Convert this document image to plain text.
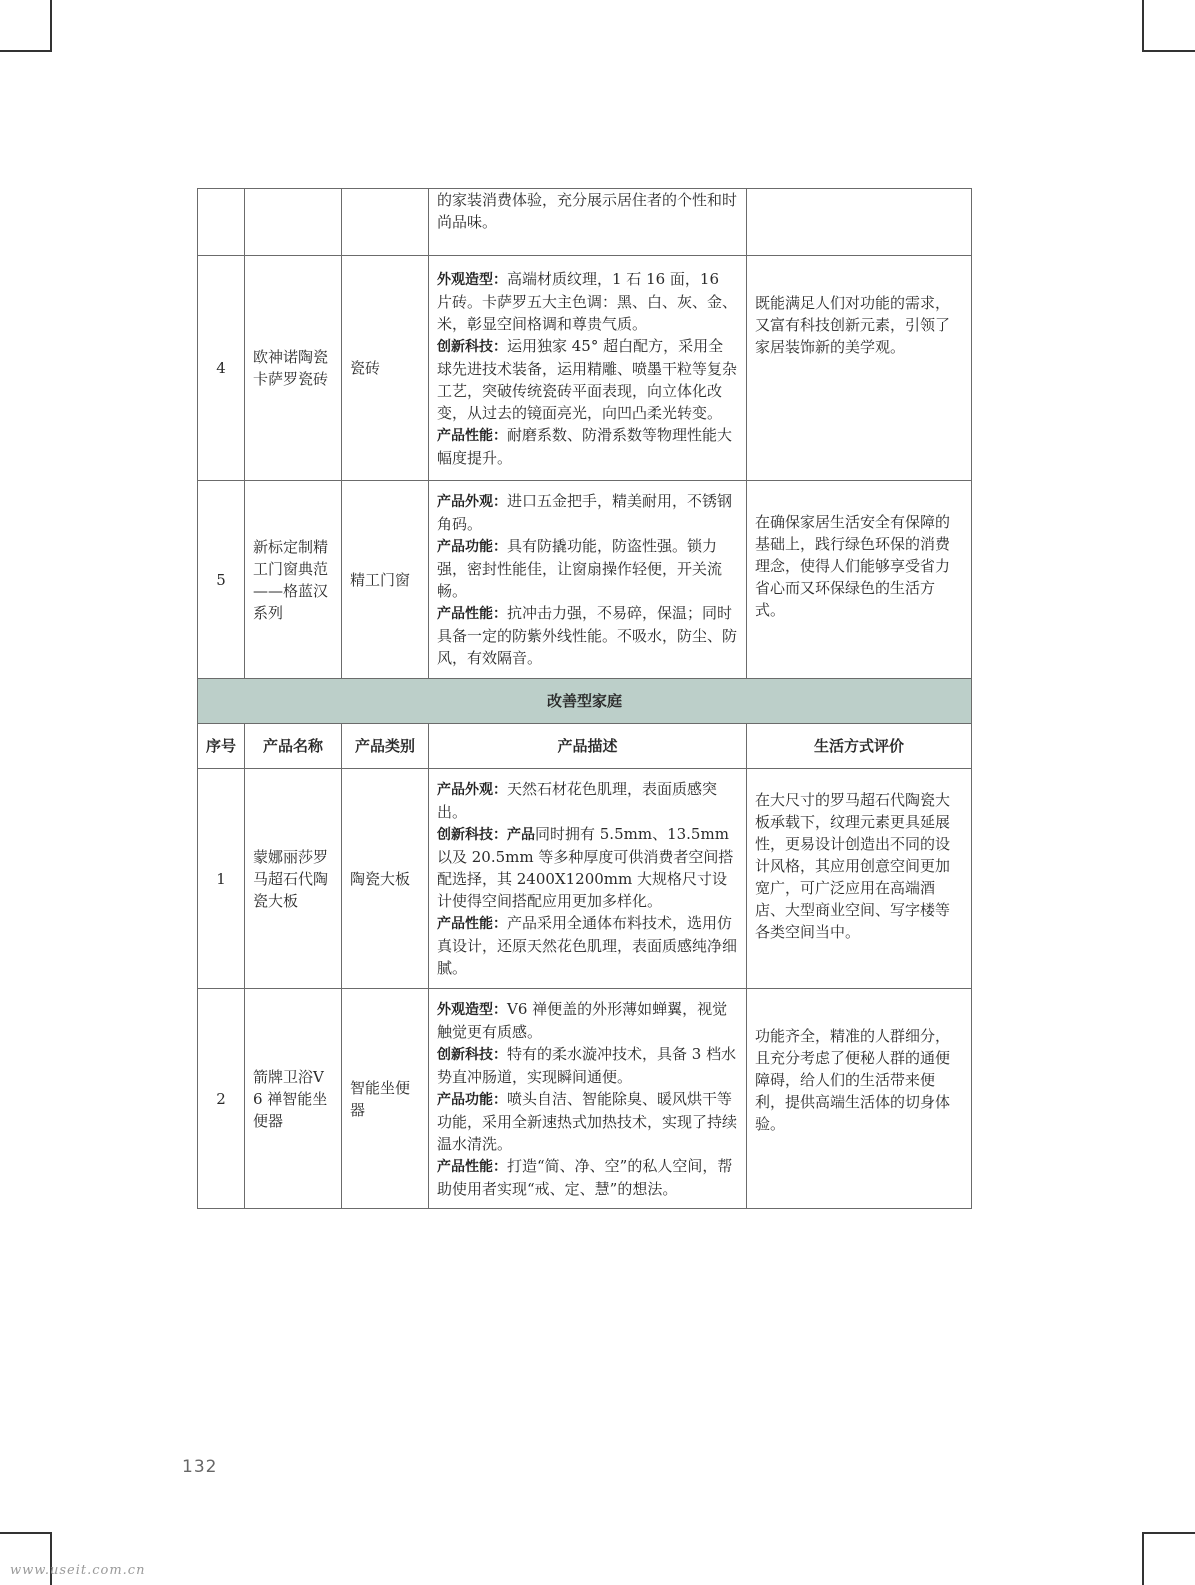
			的家装消费体验，充分展示居住者的个性和时尚品味。	
4	欧神诺陶瓷卡萨罗瓷砖	瓷砖	外观造型：高端材质纹理，1 石 16 面，16 片砖。卡萨罗五大主色调：黑、白、灰、金、米，彰显空间格调和尊贵气质。
创新科技：运用独家 45° 超白配方，采用全球先进技术装备，运用精雕、喷墨干粒等复杂工艺，突破传统瓷砖平面表现，向立体化改变，从过去的镜面亮光，向凹凸柔光转变。
产品性能：耐磨系数、防滑系数等物理性能大幅度提升。	既能满足人们对功能的需求，又富有科技创新元素，引领了家居装饰新的美学观。
5	新标定制精工门窗典范——格蓝汉系列	精工门窗	产品外观：进口五金把手，精美耐用，不锈钢角码。
产品功能：具有防撬功能，防盗性强。锁力强，密封性能佳，让窗扇操作轻便，开关流畅。
产品性能：抗冲击力强，不易碎，保温；同时具备一定的防紫外线性能。不吸水，防尘、防风，有效隔音。	在确保家居生活安全有保障的基础上，践行绿色环保的消费理念，使得人们能够享受省力省心而又环保绿色的生活方式。
改善型家庭				
序号	产品名称	产品类别	产品描述	生活方式评价
1	蒙娜丽莎罗马超石代陶瓷大板	陶瓷大板	产品外观：天然石材花色肌理，表面质感突出。
创新科技：产品同时拥有 5.5mm、13.5mm 以及 20.5mm 等多种厚度可供消费者空间搭配选择，其 2400X1200mm 大规格尺寸设计使得空间搭配应用更加多样化。
产品性能：产品采用全通体布料技术，选用仿真设计，还原天然花色肌理，表面质感纯净细腻。	在大尺寸的罗马超石代陶瓷大板承载下，纹理元素更具延展性，更易设计创造出不同的设计风格，其应用创意空间更加宽广，可广泛应用在高端酒店、大型商业空间、写字楼等各类空间当中。
2	箭牌卫浴V6 禅智能坐便器	智能坐便器	外观造型：V6 禅便盖的外形薄如蝉翼，视觉触觉更有质感。
创新科技：特有的柔水漩冲技术，具备 3 档水势直冲肠道，实现瞬间通便。
产品功能：喷头自洁、智能除臭、暖风烘干等功能，采用全新速热式加热技术，实现了持续温水清洗。
产品性能：打造“简、净、空”的私人空间，帮助使用者实现“戒、定、慧”的想法。	功能齐全，精准的人群细分，且充分考虑了便秘人群的通便障碍，给人们的生活带来便利，提供高端生活体的切身体验。
132
www.useit.com.cn
